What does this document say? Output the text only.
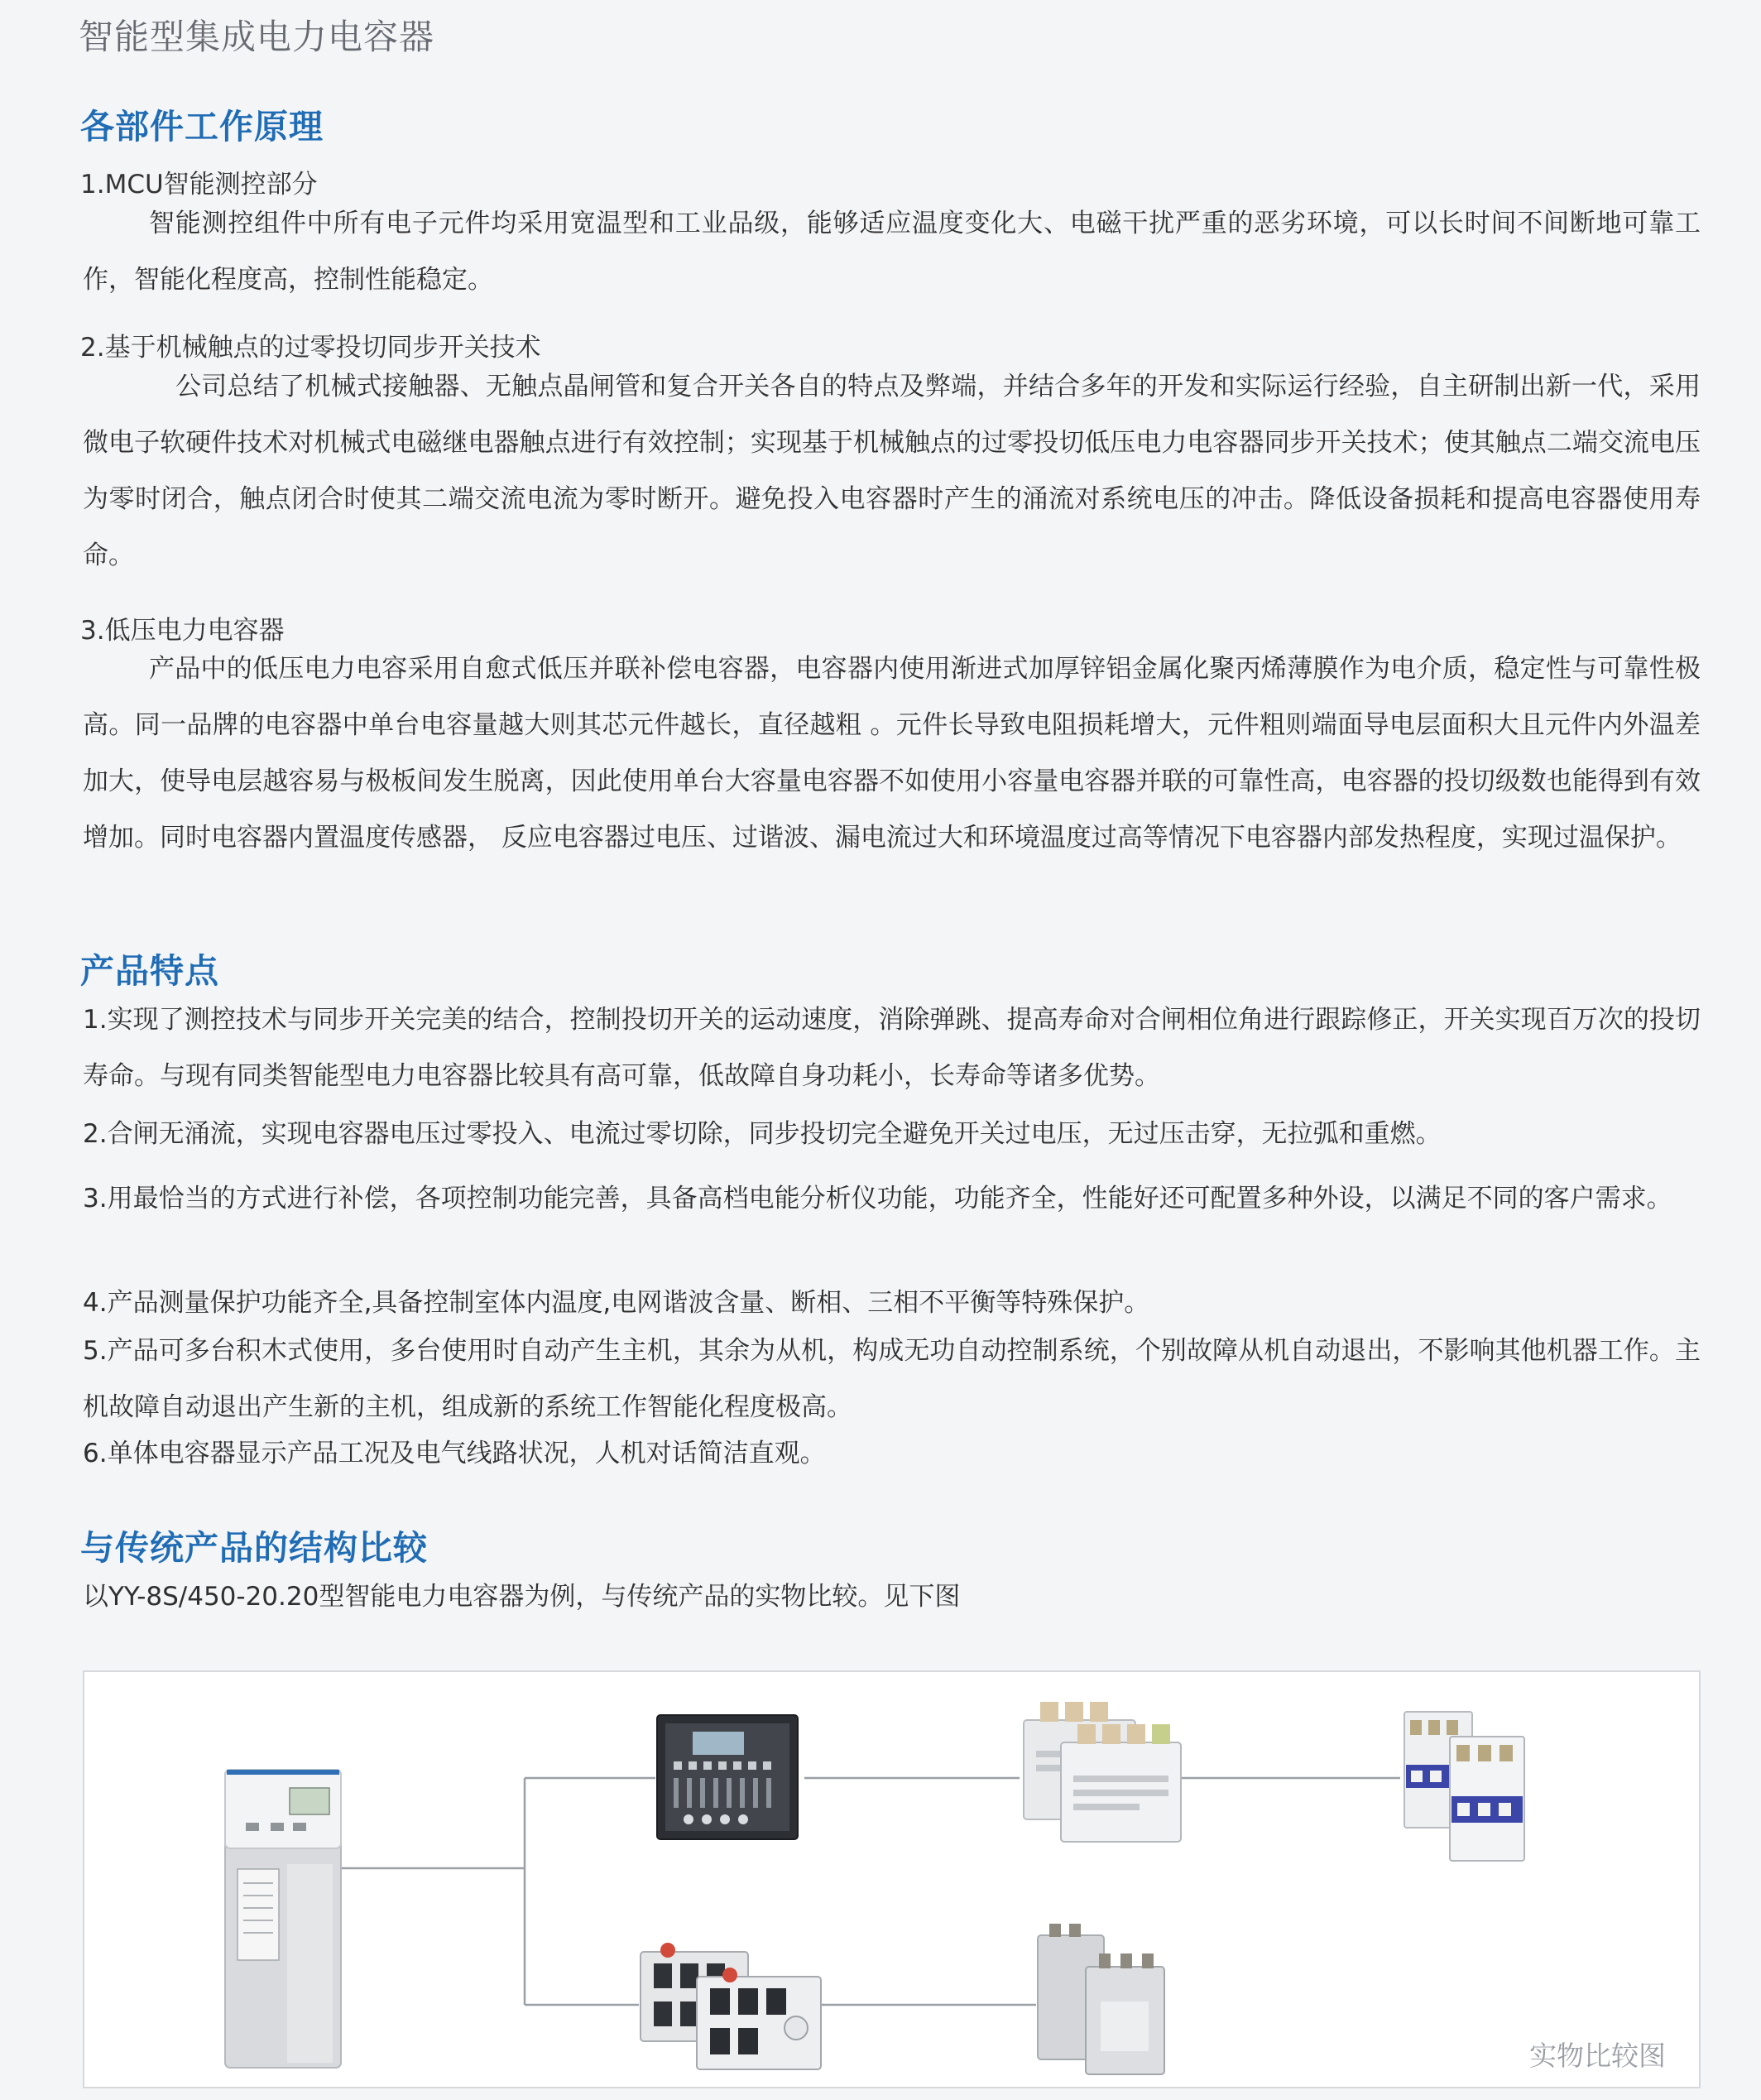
智能型集成电力电容器
各部件工作原理
1.MCU智能测控部分

智能测控组件中所有电子元件均采用宽温型和工业品级，能够适应温度变化大、电磁干扰严重的恶劣环境，可以长时间不间断地可靠工作，智能化程度高，控制性能稳定。

2.基于机械触点的过零投切同步开关技术

公司总结了机械式接触器、无触点晶闸管和复合开关各自的特点及弊端，并结合多年的开发和实际运行经验，自主研制出新一代，采用微电子软硬件技术对机械式电磁继电器触点进行有效控制；实现基于机械触点的过零投切低压电力电容器同步开关技术；使其触点二端交流电压为零时闭合，触点闭合时使其二端交流电流为零时断开。避免投入电容器时产生的涌流对系统电压的冲击。降低设备损耗和提高电容器使用寿命。

3.低压电力电容器

产品中的低压电力电容采用自愈式低压并联补偿电容器，电容器内使用渐进式加厚锌铝金属化聚丙烯薄膜作为电介质，稳定性与可靠性极高。同一品牌的电容器中单台电容量越大则其芯元件越长，直径越粗 。元件长导致电阻损耗增大，元件粗则端面导电层面积大且元件内外温差加大，使导电层越容易与极板间发生脱离，因此使用单台大容量电容器不如使用小容量电容器并联的可靠性高，电容器的投切级数也能得到有效增加。同时电容器内置温度传感器， 反应电容器过电压、过谐波、漏电流过大和环境温度过高等情况下电容器内部发热程度，实现过温保护。

产品特点

1.实现了测控技术与同步开关完美的结合，控制投切开关的运动速度，消除弹跳、提高寿命对合闸相位角进行跟踪修正，开关实现百万次的投切寿命。与现有同类智能型电力电容器比较具有高可靠，低故障自身功耗小，长寿命等诸多优势。

2.合闸无涌流，实现电容器电压过零投入、电流过零切除，同步投切完全避免开关过电压，无过压击穿，无拉弧和重燃。

3.用最恰当的方式进行补偿，各项控制功能完善，具备高档电能分析仪功能，功能齐全，性能好还可配置多种外设，以满足不同的客户需求。

4.产品测量保护功能齐全,具备控制室体内温度,电网谐波含量、断相、三相不平衡等特殊保护。

5.产品可多台积木式使用，多台使用时自动产生主机，其余为从机，构成无功自动控制系统，个别故障从机自动退出，不影响其他机器工作。主机故障自动退出产生新的主机，组成新的系统工作智能化程度极高。

6.单体电容器显示产品工况及电气线路状况，人机对话简洁直观。

与传统产品的结构比较

以YY-8S/450-20.20型智能电力电容器为例，与传统产品的实物比较。见下图

实物比较图
